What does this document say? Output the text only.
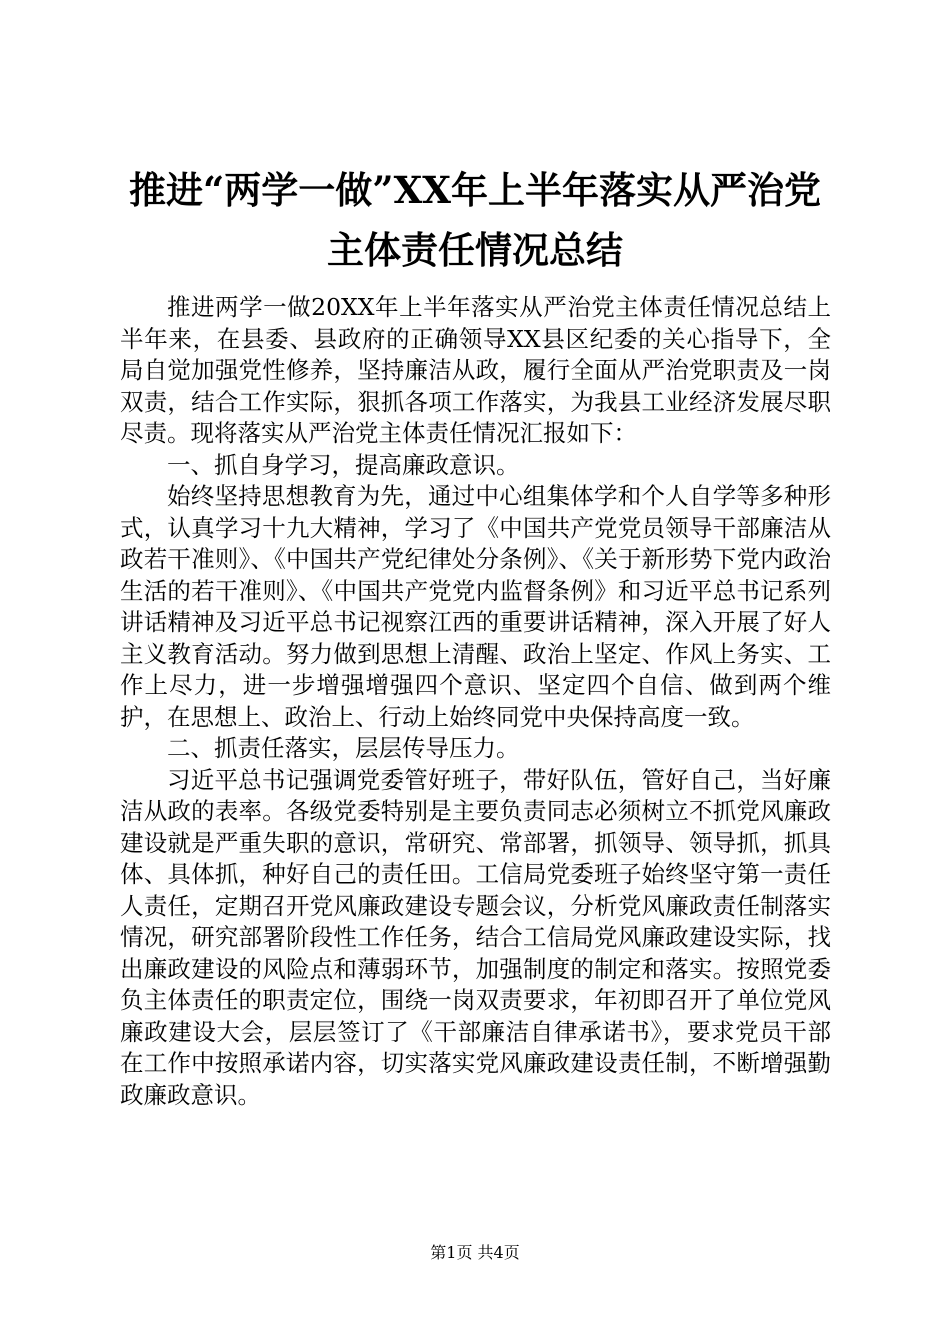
推进“两学一做”XX年上半年落实从严治党
主体责任情况总结

推进两学一做20XX年上半年落实从严治党主体责任情况总结上半年来，在县委、县政府的正确领导XX县区纪委的关心指导下，全局自觉加强党性修养，坚持廉洁从政，履行全面从严治党职责及一岗双责，结合工作实际，狠抓各项工作落实，为我县工业经济发展尽职尽责。现将落实从严治党主体责任情况汇报如下：

一、抓自身学习，提高廉政意识。

始终坚持思想教育为先，通过中心组集体学和个人自学等多种形式，认真学习十九大精神，学习了《中国共产党党员领导干部廉洁从政若干准则》、《中国共产党纪律处分条例》、《关于新形势下党内政治生活的若干准则》、《中国共产党党内监督条例》和习近平总书记系列讲话精神及习近平总书记视察江西的重要讲话精神，深入开展了好人主义教育活动。努力做到思想上清醒、政治上坚定、作风上务实、工作上尽力，进一步增强增强四个意识、坚定四个自信、做到两个维护，在思想上、政治上、行动上始终同党中央保持高度一致。

二、抓责任落实，层层传导压力。

习近平总书记强调党委管好班子，带好队伍，管好自己，当好廉洁从政的表率。各级党委特别是主要负责同志必须树立不抓党风廉政建设就是严重失职的意识，常研究、常部署，抓领导、领导抓，抓具体、具体抓，种好自己的责任田。工信局党委班子始终坚守第一责任人责任，定期召开党风廉政建设专题会议，分析党风廉政责任制落实情况，研究部署阶段性工作任务，结合工信局党风廉政建设实际，找出廉政建设的风险点和薄弱环节，加强制度的制定和落实。按照党委负主体责任的职责定位，围绕一岗双责要求，年初即召开了单位党风廉政建设大会，层层签订了《干部廉洁自律承诺书》，要求党员干部在工作中按照承诺内容，切实落实党风廉政建设责任制，不断增强勤政廉政意识。

第1页 共4页
